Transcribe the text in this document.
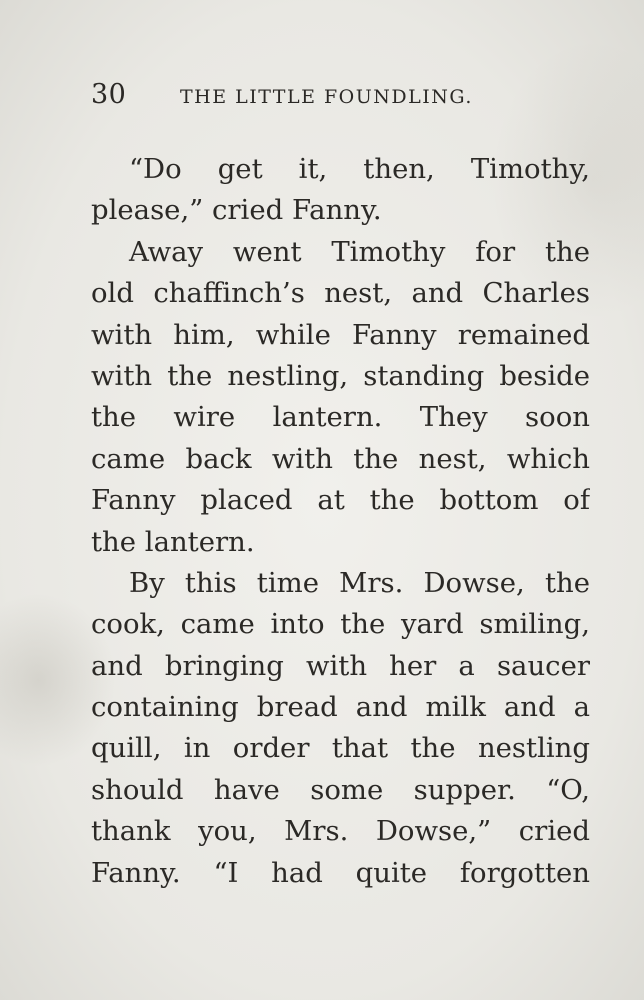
30	THE LITTLE FOUNDLING.
“Do get it, then, Timothy,
please,” cried Fanny.
Away went Timothy for the
old chaffinch’s nest, and Charles
with him, while Fanny remained
with the nestling, standing beside
the wire lantern. They soon
came back with the nest, which
Fanny placed at the bottom of
the lantern.
By this time Mrs. Dowse, the
cook, came into the yard smiling,
and bringing with her a saucer
containing bread and milk and a
quill, in order that the nestling
should have some supper. “O,
thank you, Mrs. Dowse,” cried
Fanny. “I had quite forgotten
